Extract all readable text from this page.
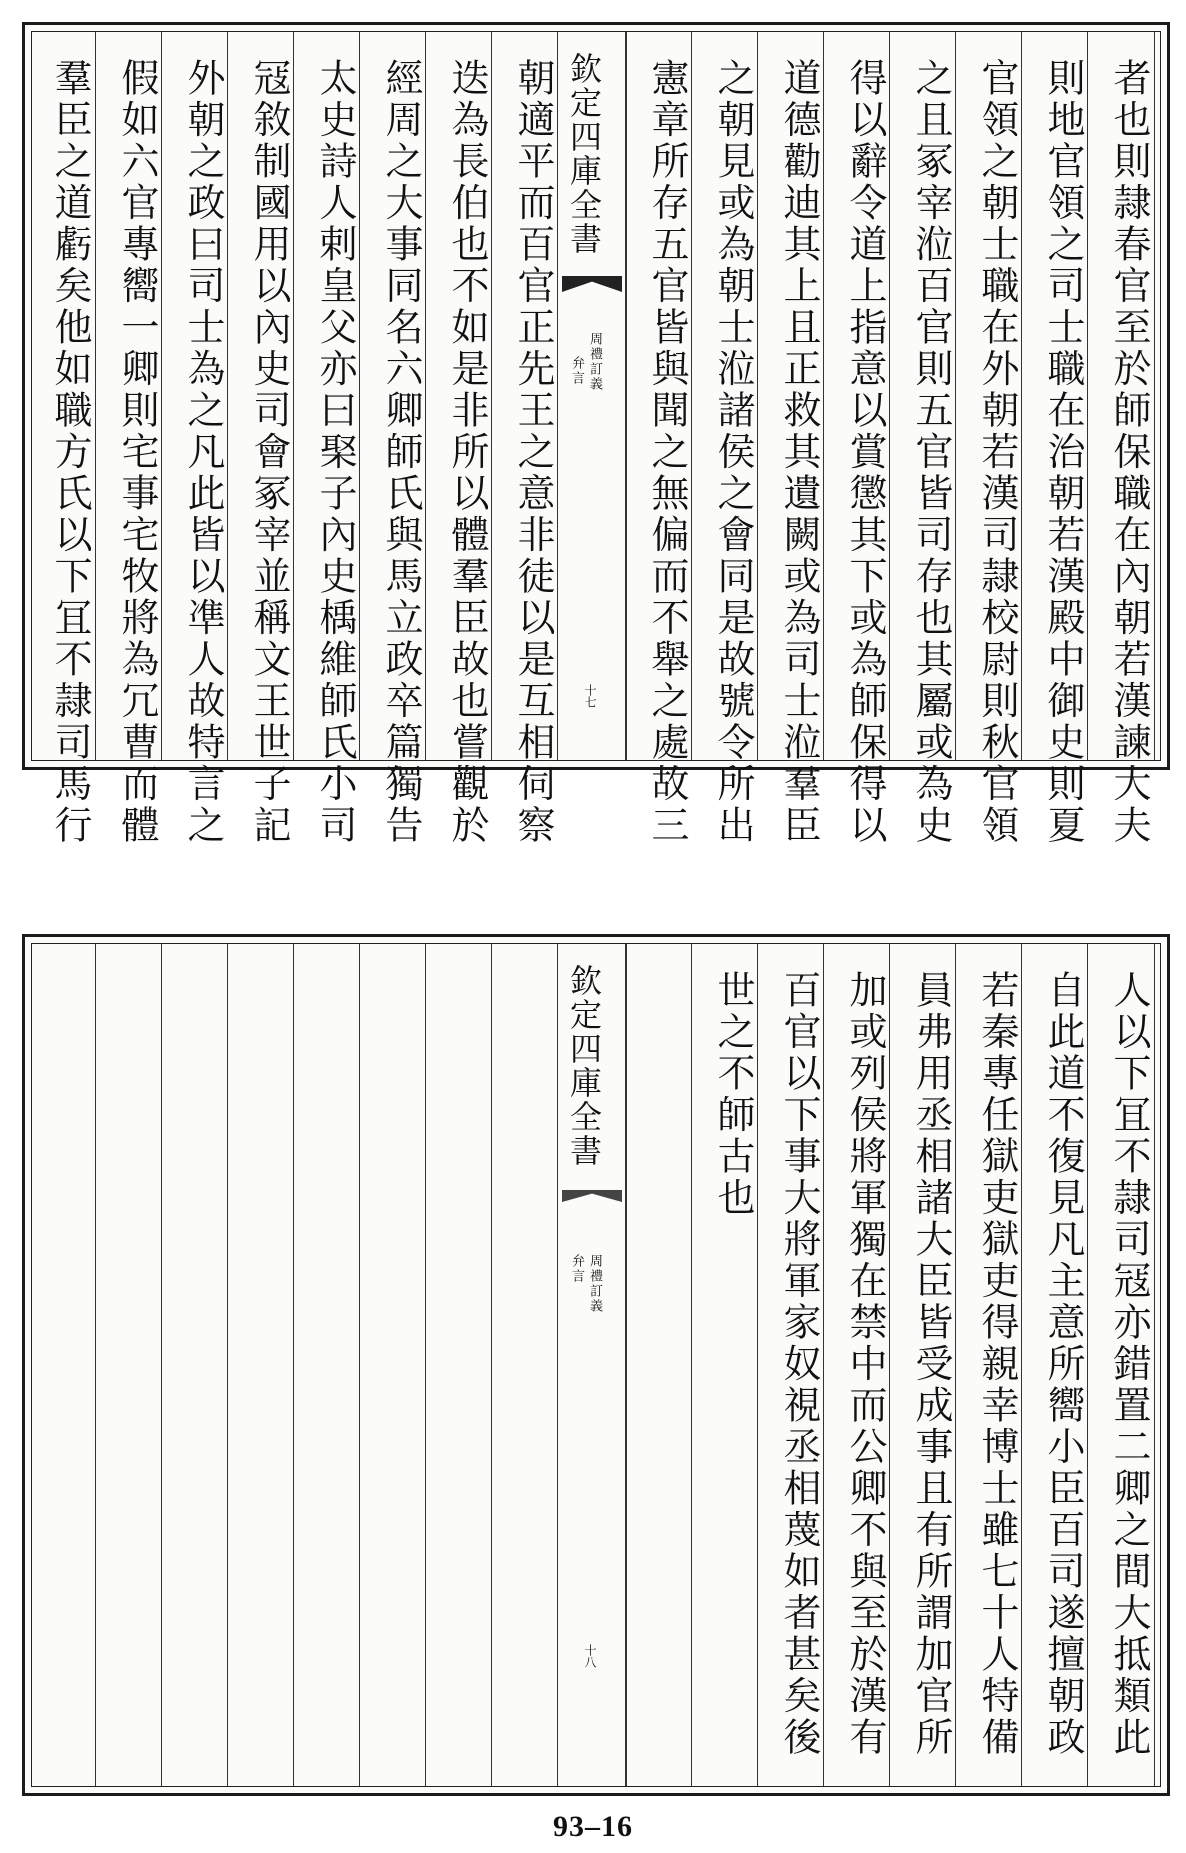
者也則隷春官至於師保職在內朝若漢諫大夫
則地官領之司士職在治朝若漢殿中御史則夏
官領之朝士職在外朝若漢司隷校尉則秋官領
之且冢宰涖百官則五官皆司存也其屬或為史
得以辭令道上指意以賞懲其下或為師保得以
道德勸迪其上且正救其遺闕或為司士涖羣臣
之朝見或為朝士涖諸侯之會同是故號令所出
憲章所存五官皆與聞之無偏而不舉之處故三
欽定四庫全書
周禮訂義
弁言
十七
朝適平而百官正先王之意非徒以是互相伺察
迭為長伯也不如是非所以體羣臣故也嘗觀於
經周之大事同名六卿師氏與馬立政卒篇獨告
太史詩人剌皇父亦曰棸子內史楀維師氏小司
冦敘制國用以內史司會冢宰並稱文王世子記
外朝之政曰司士為之凡此皆以凖人故特言之
假如六官專嚮一卿則宅事宅牧將為冗曹而體
羣臣之道虧矣他如職方氏以下冝不隷司馬行
人以下冝不隷司冦亦錯置二卿之間大抵類此
自此道不復見凡主意所嚮小臣百司遂擅朝政
若秦專任獄吏獄吏得親幸博士雖七十人特備
員弗用丞相諸大臣皆受成事且有所謂加官所
加或列侯將軍獨在禁中而公卿不與至於漢有
百官以下事大將軍家奴視丞相蔑如者甚矣後
世之不師古也
欽定四庫全書
周禮訂義
弁言
十八
93–16
